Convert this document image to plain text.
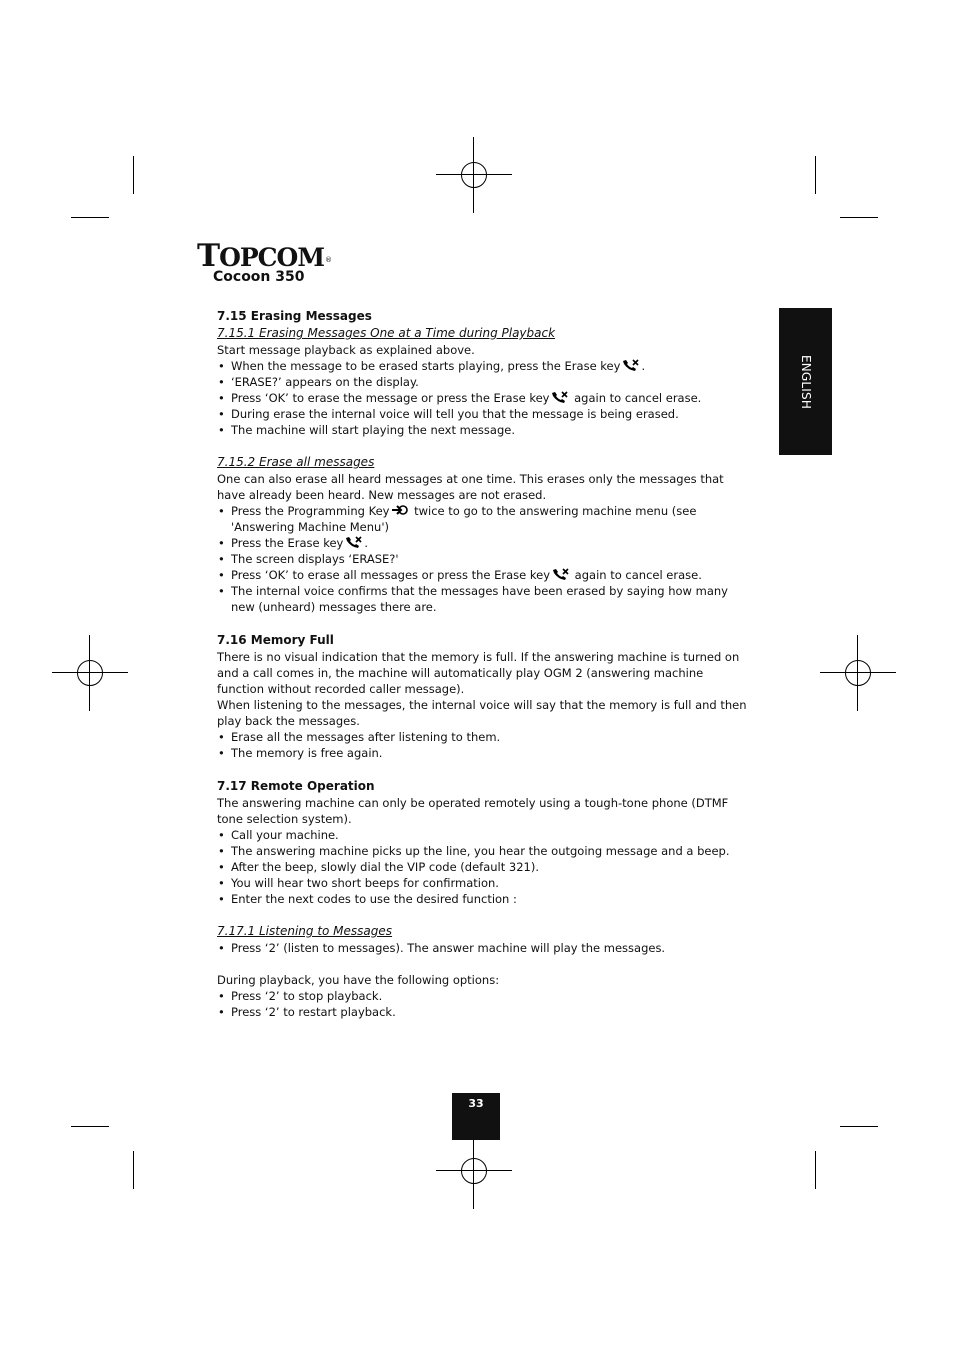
TOPCOM®
Cocoon 350
ENGLISH
7.15 Erasing Messages
7.15.1 Erasing Messages One at a Time during Playback

Start message playback as explained above.

• When the message to be erased starts playing, press the Erase key .
• ‘ERASE?’ appears on the display.
• Press ‘OK’ to erase the message or press the Erase key again to cancel erase.
• During erase the internal voice will tell you that the message is being erased.
• The machine will start playing the next message.
7.15.2 Erase all messages

One can also erase all heard messages at one time. This erases only the messages that have already been heard. New messages are not erased.

• Press the Programming Key twice to go to the answering machine menu (see 'Answering Machine Menu')
• Press the Erase key .
• The screen displays ‘ERASE?'
• Press ‘OK’ to erase all messages or press the Erase key again to cancel erase.
• The internal voice confirms that the messages have been erased by saying how many new (unheard) messages there are.
7.16 Memory Full

There is no visual indication that the memory is full. If the answering machine is turned on and a call comes in, the machine will automatically play OGM 2 (answering machine function without recorded caller message).

When listening to the messages, the internal voice will say that the memory is full and then play back the messages.

• Erase all the messages after listening to them.
• The memory is free again.
7.17 Remote Operation

The answering machine can only be operated remotely using a tough-tone phone (DTMF tone selection system).

• Call your machine.
• The answering machine picks up the line, you hear the outgoing message and a beep.
• After the beep, slowly dial the VIP code (default 321).
• You will hear two short beeps for confirmation.
• Enter the next codes to use the desired function :
7.17.1 Listening to Messages
• Press ‘2’ (listen to messages). The answer machine will play the messages.

During playback, you have the following options:

• Press ‘2’ to stop playback.
• Press ‘2’ to restart playback.
33
